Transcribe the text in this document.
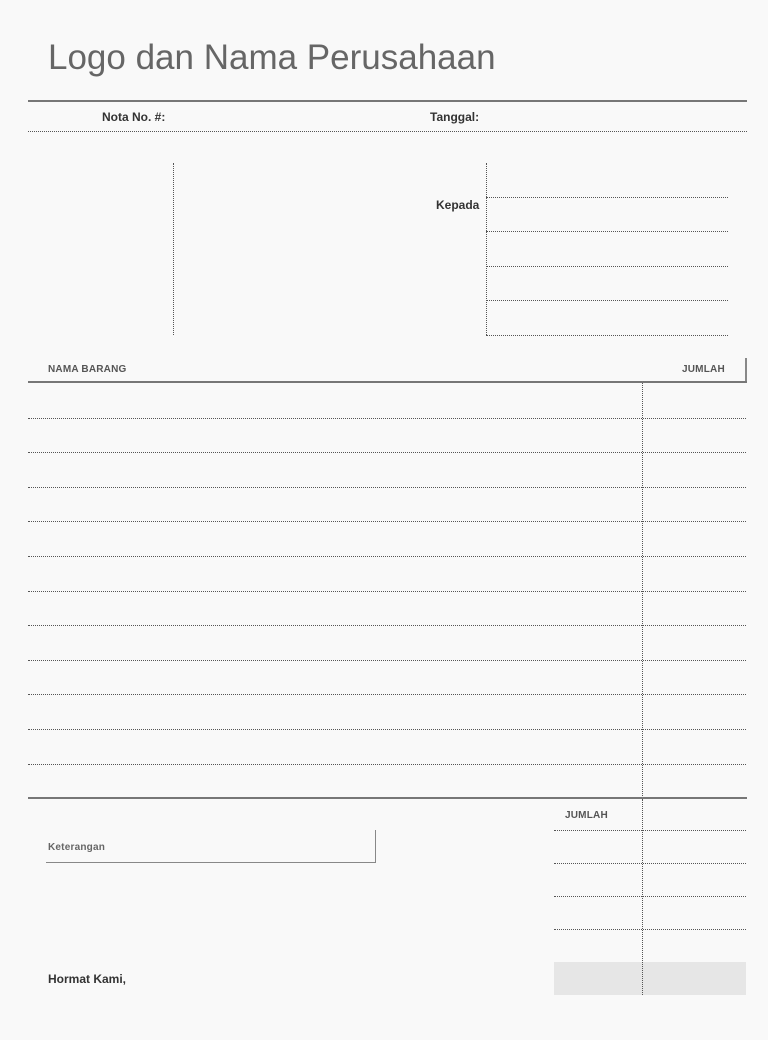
Logo dan Nama Perusahaan
Nota No. #:	Tanggal:
Kepada
NAMA BARANG	JUMLAH
JUMLAH
Keterangan
Hormat Kami,
